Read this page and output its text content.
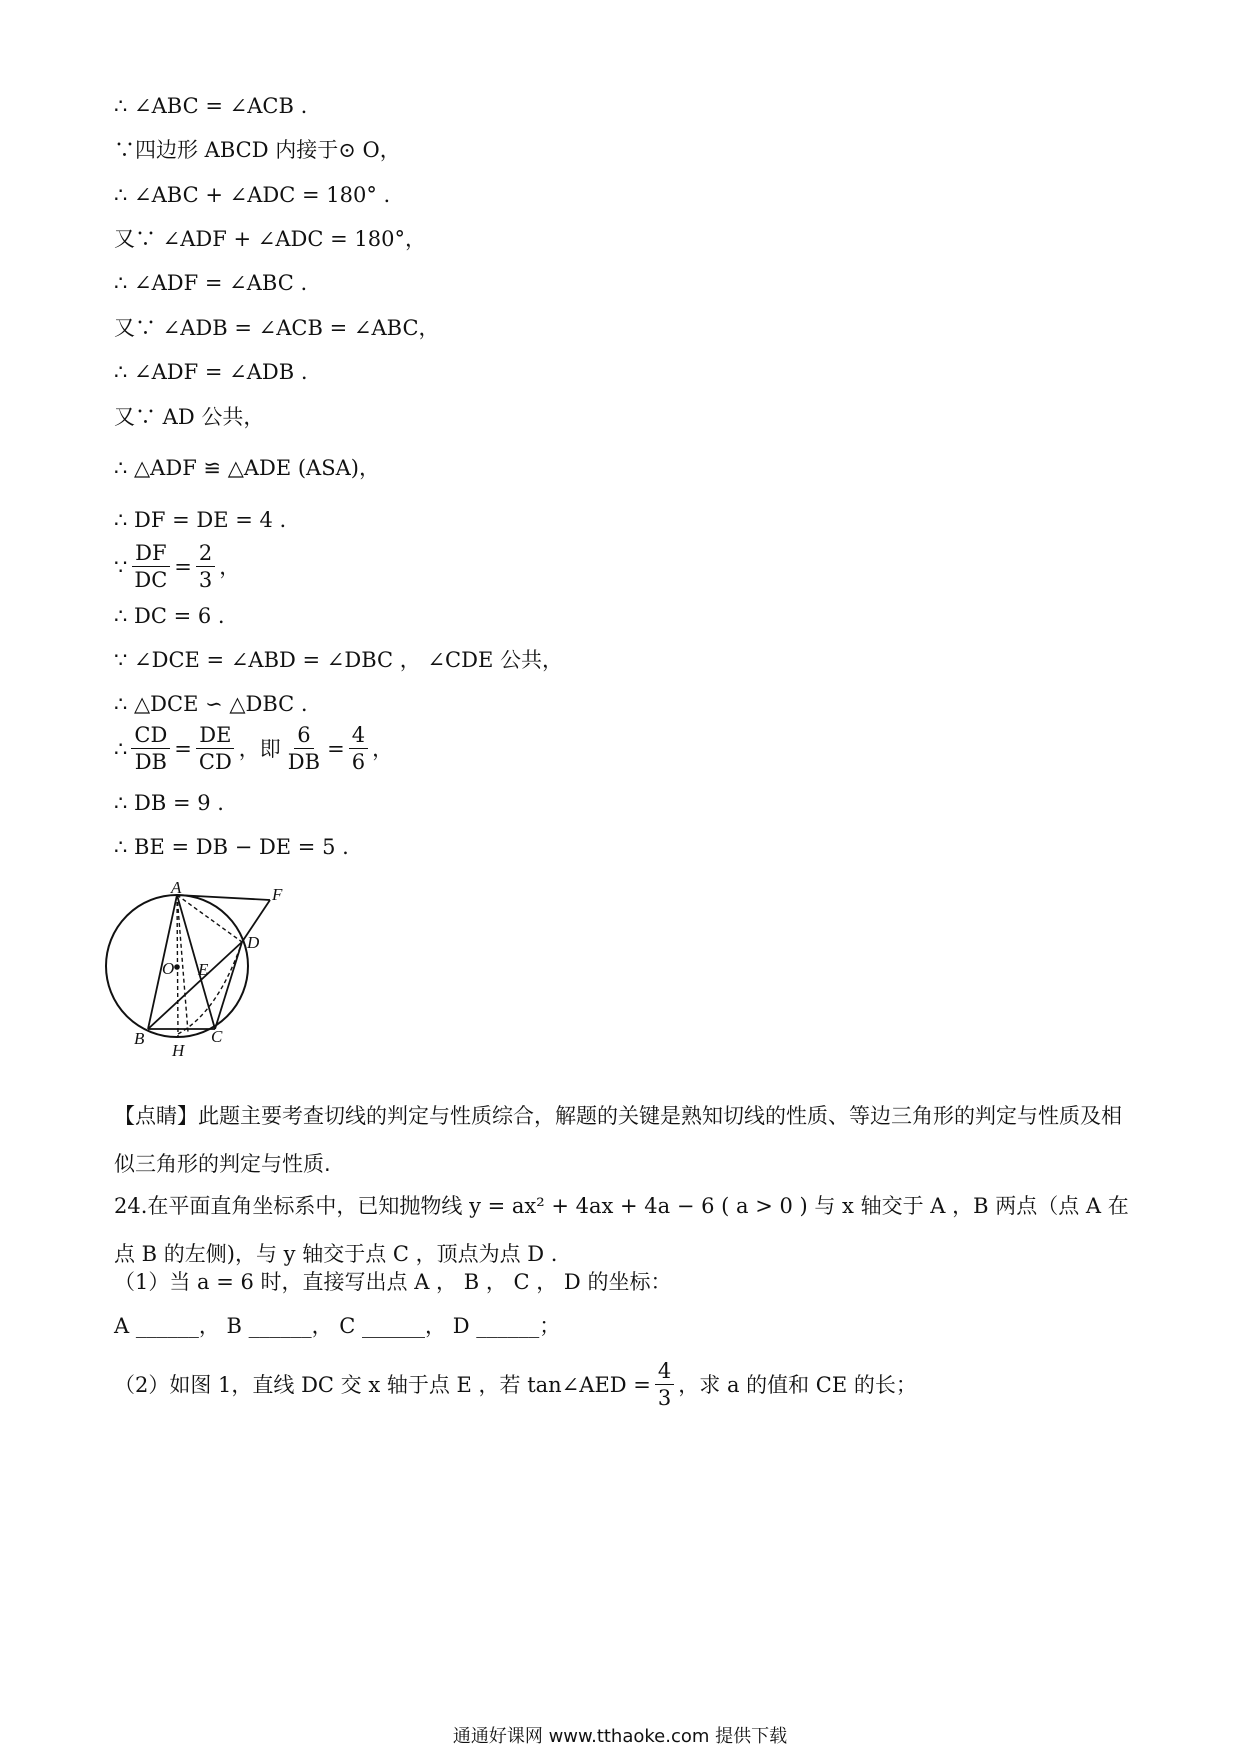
∴ ∠ABC = ∠ACB .
∵四边形 ABCD 内接于⊙ O，
∴ ∠ABC + ∠ADC = 180° .
又∵ ∠ADF + ∠ADC = 180°，
∴ ∠ADF = ∠ABC .
又∵ ∠ADB = ∠ACB = ∠ABC，
∴ ∠ADF = ∠ADB .
又∵ AD 公共，
∴ △ADF ≌ △ADE (ASA)，
∴ DF = DE = 4 .
∵ $\frac{DF}{DC} = \frac{2}{3}$ ，
∴ DC = 6 .
∵ ∠DCE = ∠ABD = ∠DBC ， ∠CDE 公共，
∴ △DCE ∽ △DBC .
∴ $\frac{CD}{DB} = \frac{DE}{CD}$ ，即 $\frac{6}{DB} = \frac{4}{6}$ ，
∴ DB = 9 .
∴ BE = DB − DE = 5 .
A	F
D
O E
B	C
H
【点睛】此题主要考查切线的判定与性质综合，解题的关键是熟知切线的性质、等边三角形的判定与性质及相似三角形的判定与性质.
24.在平面直角坐标系中，已知抛物线 y = ax² + 4ax + 4a − 6 ( a > 0 ) 与 x 轴交于 A ，B 两点（点 A 在点 B 的左侧)，与 y 轴交于点 C ，顶点为点 D .
（1）当 a = 6 时，直接写出点 A ， B ， C ， D 的坐标：
A ______， B ______， C ______， D ______；
（2）如图 1，直线 DC 交 x 轴于点 E ，若 tan∠AED = $\frac{4}{3}$ ，求 a 的值和 CE 的长；
通通好课网 www.tthaoke.com 提供下载
